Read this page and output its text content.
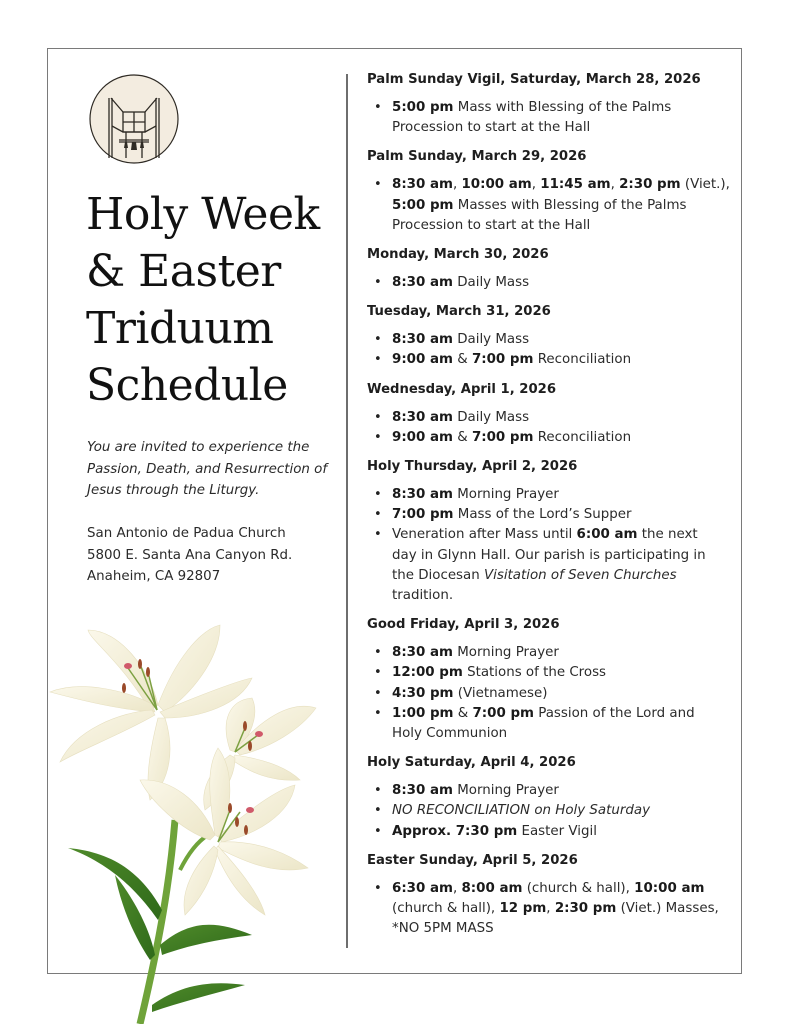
Holy Week
& Easter
Triduum
Schedule
You are invited to experience the
Passion, Death, and Resurrection of
Jesus through the Liturgy.
San Antonio de Padua Church
5800 E. Santa Ana Canyon Rd.
Anaheim, CA 92807
Palm Sunday Vigil, Saturday, March 28, 2026
• 5:00 pm Mass with Blessing of the Palms
Procession to start at the Hall
Palm Sunday, March 29, 2026
• 8:30 am, 10:00 am, 11:45 am, 2:30 pm (Viet.),
5:00 pm Masses with Blessing of the Palms
Procession to start at the Hall
Monday, March 30, 2026
• 8:30 am Daily Mass
Tuesday, March 31, 2026
• 8:30 am Daily Mass
• 9:00 am & 7:00 pm Reconciliation
Wednesday, April 1, 2026
• 8:30 am Daily Mass
• 9:00 am & 7:00 pm Reconciliation
Holy Thursday, April 2, 2026
• 8:30 am Morning Prayer
• 7:00 pm Mass of the Lord’s Supper
• Veneration after Mass until 6:00 am the next
day in Glynn Hall. Our parish is participating in
the Diocesan Visitation of Seven Churches
tradition.
Good Friday, April 3, 2026
• 8:30 am Morning Prayer
• 12:00 pm Stations of the Cross
• 4:30 pm (Vietnamese)
• 1:00 pm & 7:00 pm Passion of the Lord and
Holy Communion
Holy Saturday, April 4, 2026
• 8:30 am Morning Prayer
• NO RECONCILIATION on Holy Saturday
• Approx. 7:30 pm Easter Vigil
Easter Sunday, April 5, 2026
• 6:30 am, 8:00 am (church & hall), 10:00 am
(church & hall), 12 pm, 2:30 pm (Viet.) Masses,
*NO 5PM MASS
